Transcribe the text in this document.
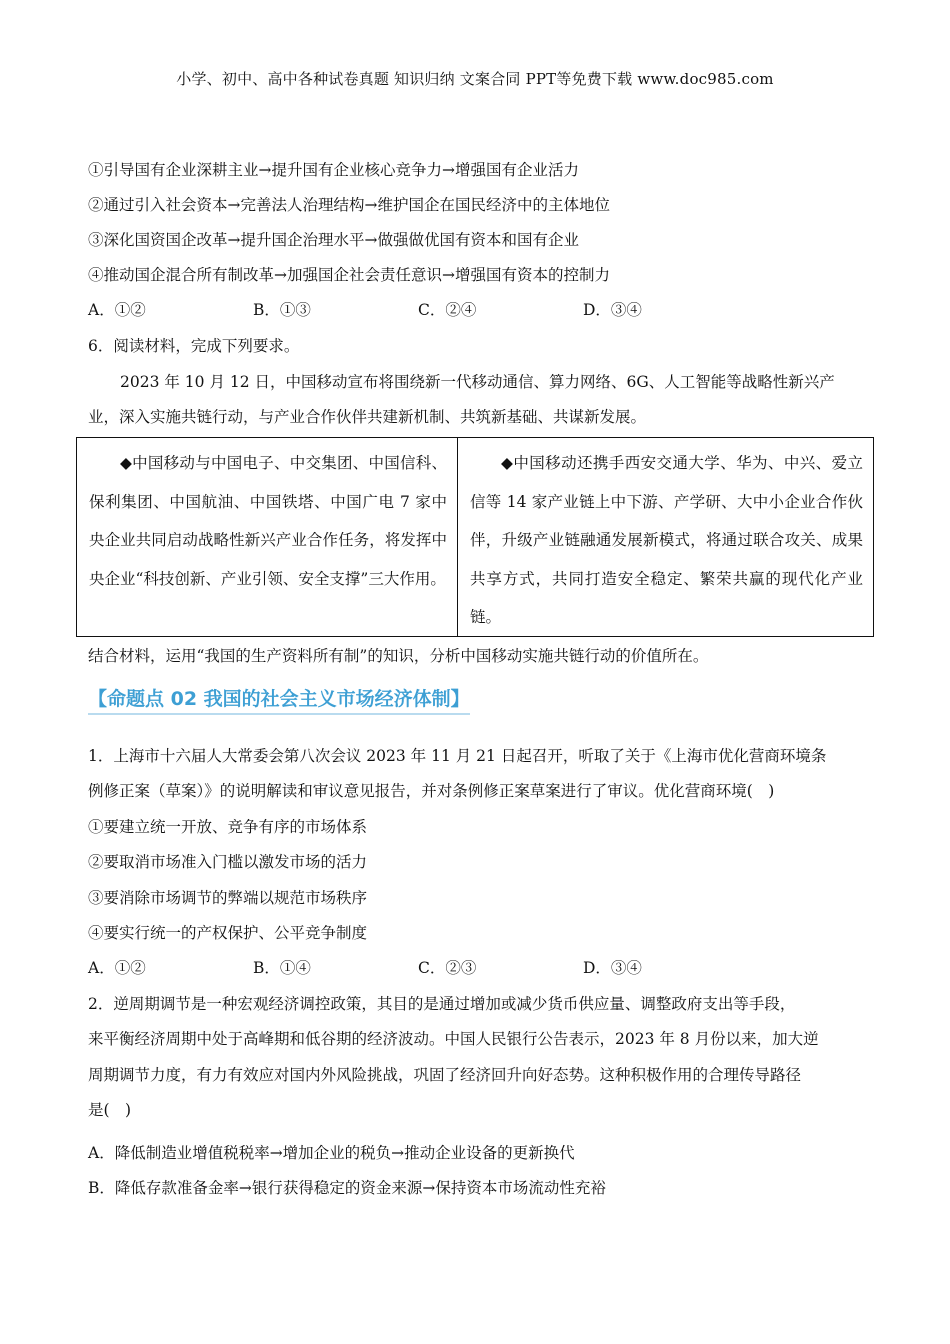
小学、初中、高中各种试卷真题 知识归纳 文案合同 PPT等免费下载 www.doc985.com
①引导国有企业深耕主业→提升国有企业核心竞争力→增强国有企业活力
②通过引入社会资本→完善法人治理结构→维护国企在国民经济中的主体地位
③深化国资国企改革→提升国企治理水平→做强做优国有资本和国有企业
④推动国企混合所有制改革→加强国企社会责任意识→增强国有资本的控制力
A．①②	B．①③	C．②④	D．③④
6．阅读材料，完成下列要求。
2023 年 10 月 12 日，中国移动宣布将围绕新一代移动通信、算力网络、6G、人工智能等战略性新兴产
业，深入实施共链行动，与产业合作伙伴共建新机制、共筑新基础、共谋新发展。

◆中国移动与中国电子、中交集团、中国信科、保利集团、中国航油、中国铁塔、中国广电 7 家中央企业共同启动战略性新兴产业合作任务，将发挥中央企业“科技创新、产业引领、安全支撑”三大作用。

◆中国移动还携手西安交通大学、华为、中兴、爱立信等 14 家产业链上中下游、产学研、大中小企业合作伙伴，升级产业链融通发展新模式，将通过联合攻关、成果共享方式，共同打造安全稳定、繁荣共赢的现代化产业链。

结合材料，运用“我国的生产资料所有制”的知识，分析中国移动实施共链行动的价值所在。
【命题点 02 我国的社会主义市场经济体制】
1．上海市十六届人大常委会第八次会议 2023 年 11 月 21 日起召开，听取了关于《上海市优化营商环境条
例修正案（草案）》的说明解读和审议意见报告，并对条例修正案草案进行了审议。优化营商环境(　)
①要建立统一开放、竞争有序的市场体系
②要取消市场准入门槛以激发市场的活力
③要消除市场调节的弊端以规范市场秩序
④要实行统一的产权保护、公平竞争制度
A．①②	B．①④	C．②③	D．③④
2．逆周期调节是一种宏观经济调控政策，其目的是通过增加或减少货币供应量、调整政府支出等手段，
来平衡经济周期中处于高峰期和低谷期的经济波动。中国人民银行公告表示，2023 年 8 月份以来，加大逆
周期调节力度，有力有效应对国内外风险挑战，巩固了经济回升向好态势。这种积极作用的合理传导路径
是(　)
A．降低制造业增值税税率→增加企业的税负→推动企业设备的更新换代
B．降低存款准备金率→银行获得稳定的资金来源→保持资本市场流动性充裕
